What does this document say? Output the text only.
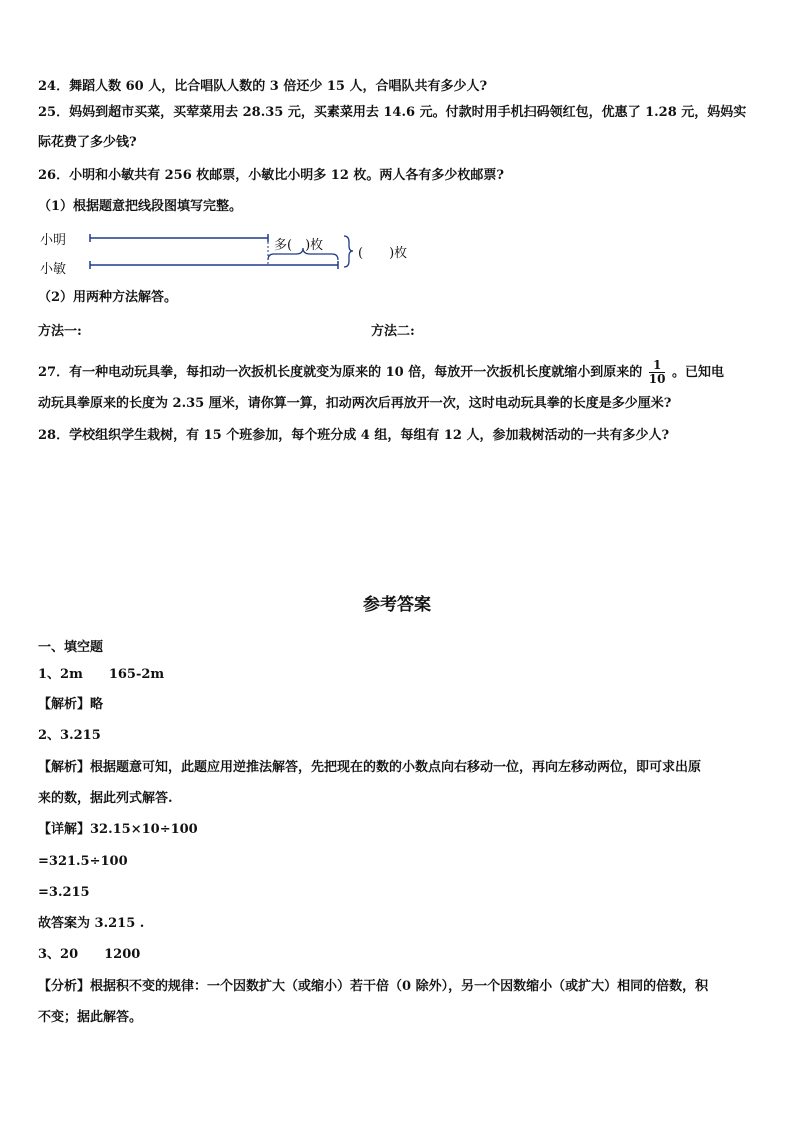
24．舞蹈人数 60 人，比合唱队人数的 3 倍还少 15 人，合唱队共有多少人?
25．妈妈到超市买菜，买荤菜用去 28.35 元，买素菜用去 14.6 元。付款时用手机扫码领红包，优惠了 1.28 元，妈妈实
际花费了多少钱?
26．小明和小敏共有 256 枚邮票，小敏比小明多 12 枚。两人各有多少枚邮票?
（1）根据题意把线段图填写完整。
小明
小敏
多(　)枚
(　　)枚
（2）用两种方法解答。
方法一:	方法二:
27．有一种电动玩具拳，每扣动一次扳机长度就变为原来的 10 倍，每放开一次扳机长度就缩小到原来的 $\frac{1}{10}$ 。已知电
动玩具拳原来的长度为 2.35 厘米，请你算一算，扣动两次后再放开一次，这时电动玩具拳的长度是多少厘米?
28．学校组织学生栽树，有 15 个班参加，每个班分成 4 组，每组有 12 人，参加栽树活动的一共有多少人?
参考答案
一、填空题
1、2m　　165-2m
【解析】略
2、3.215
【解析】根据题意可知，此题应用逆推法解答，先把现在的数的小数点向右移动一位，再向左移动两位，即可求出原
来的数，据此列式解答.
【详解】32.15×10÷100
=321.5÷100
=3.215
故答案为 3.215 .
3、20　　1200
【分析】根据积不变的规律：一个因数扩大（或缩小）若干倍（0 除外），另一个因数缩小（或扩大）相同的倍数，积
不变；据此解答。
